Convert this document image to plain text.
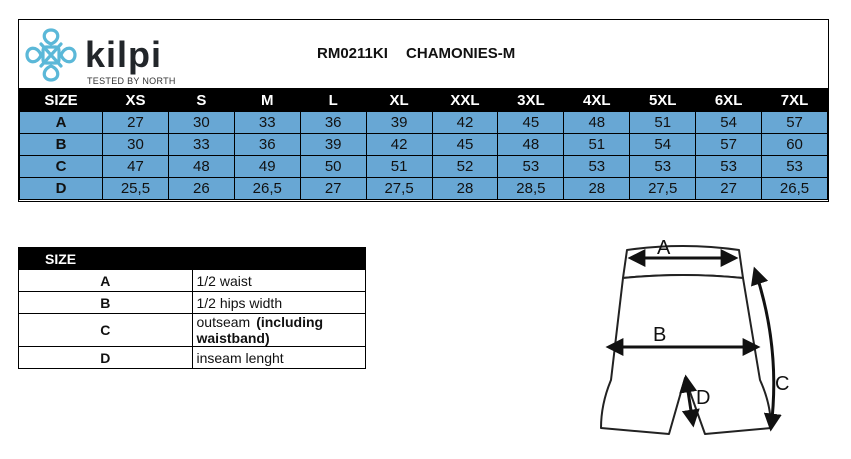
kilpi
TESTED BY NORTH
RM0211KI CHAMONIES-M
SIZE	XS	S	M	L	XL	XXL	3XL	4XL	5XL	6XL	7XL
A	27	30	33	36	39	42	45	48	51	54	57
B	30	33	36	39	42	45	48	51	54	57	60
C	47	48	49	50	51	52	53	53	53	53	53
D	25,5	26	26,5	27	27,5	28	28,5	28	27,5	27	26,5
SIZE	
A	1/2 waist
B	1/2 hips width
C	outseam (including waistband)
D	inseam lenght
A
B
C
D
